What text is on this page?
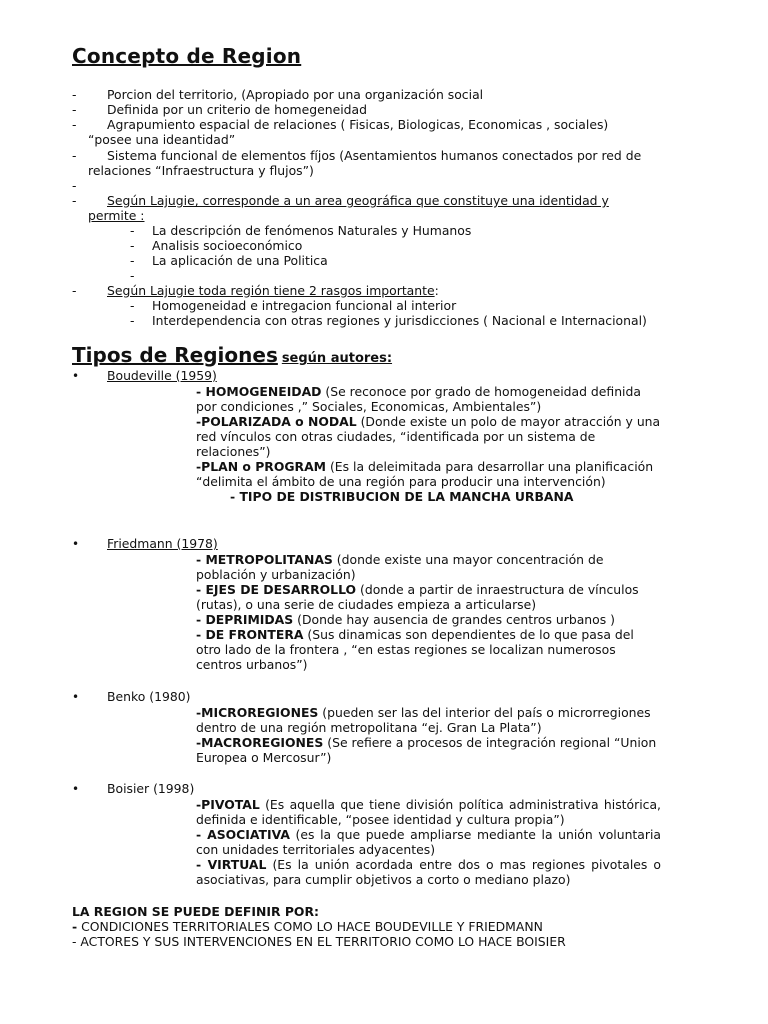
Concepto de Region
- Porcion del territorio, (Apropiado por una organización social
- Definida por un criterio de homegeneidad
- Agrapumiento espacial de relaciones ( Fisicas, Biologicas, Economicas , sociales)
“posee una ideantidad”
- Sistema funcional de elementos fíjos (Asentamientos humanos conectados por red de
relaciones “Infraestructura y flujos”)
-
- Según Lajugie, corresponde a un area geográfica que constituye una identidad y
permite :
- La descripción de fenómenos Naturales y Humanos
- Analisis socioeconómico
- La aplicación de una Politica
-
- Según Lajugie toda región tiene 2 rasgos importante:
- Homogeneidad e intregacion funcional al interior
- Interdependencia con otras regiones y jurisdicciones ( Nacional e Internacional)
Tipos de Regiones según autores:
• Boudeville (1959)

- HOMOGENEIDAD (Se reconoce por grado de homogeneidad definida por condiciones ,” Sociales, Economicas, Ambientales”)

-POLARIZADA o NODAL (Donde existe un polo de mayor atracción y una red vínculos con otras ciudades, “identificada por un sistema de relaciones”)

-PLAN o PROGRAM (Es la deleimitada para desarrollar una planificación “delimita el ámbito de una región para producir una intervención)

- TIPO DE DISTRIBUCION DE LA MANCHA URBANA

• Friedmann (1978)

- METROPOLITANAS (donde existe una mayor concentración de población y urbanización)

- EJES DE DESARROLLO (donde a partir de inraestructura de vínculos (rutas), o una serie de ciudades empieza a articularse)

- DEPRIMIDAS (Donde hay ausencia de grandes centros urbanos )

- DE FRONTERA (Sus dinamicas son dependientes de lo que pasa del otro lado de la frontera , “en estas regiones se localizan numerosos centros urbanos”)

• Benko (1980)

-MICROREGIONES (pueden ser las del interior del país o microrregiones dentro de una región metropolitana “ej. Gran La Plata”)

-MACROREGIONES (Se refiere a procesos de integración regional “Union Europea o Mercosur”)

• Boisier (1998)

-PIVOTAL (Es aquella que tiene división política administrativa histórica, definida e identificable, “posee identidad y cultura propia”)

- ASOCIATIVA (es la que puede ampliarse mediante la unión voluntaria con unidades territoriales adyacentes)

- VIRTUAL (Es la unión acordada entre dos o mas regiones pivotales o asociativas, para cumplir objetivos a corto o mediano plazo)

LA REGION SE PUEDE DEFINIR POR:
- CONDICIONES TERRITORIALES COMO LO HACE BOUDEVILLE Y FRIEDMANN
- ACTORES Y SUS INTERVENCIONES EN EL TERRITORIO COMO LO HACE BOISIER
